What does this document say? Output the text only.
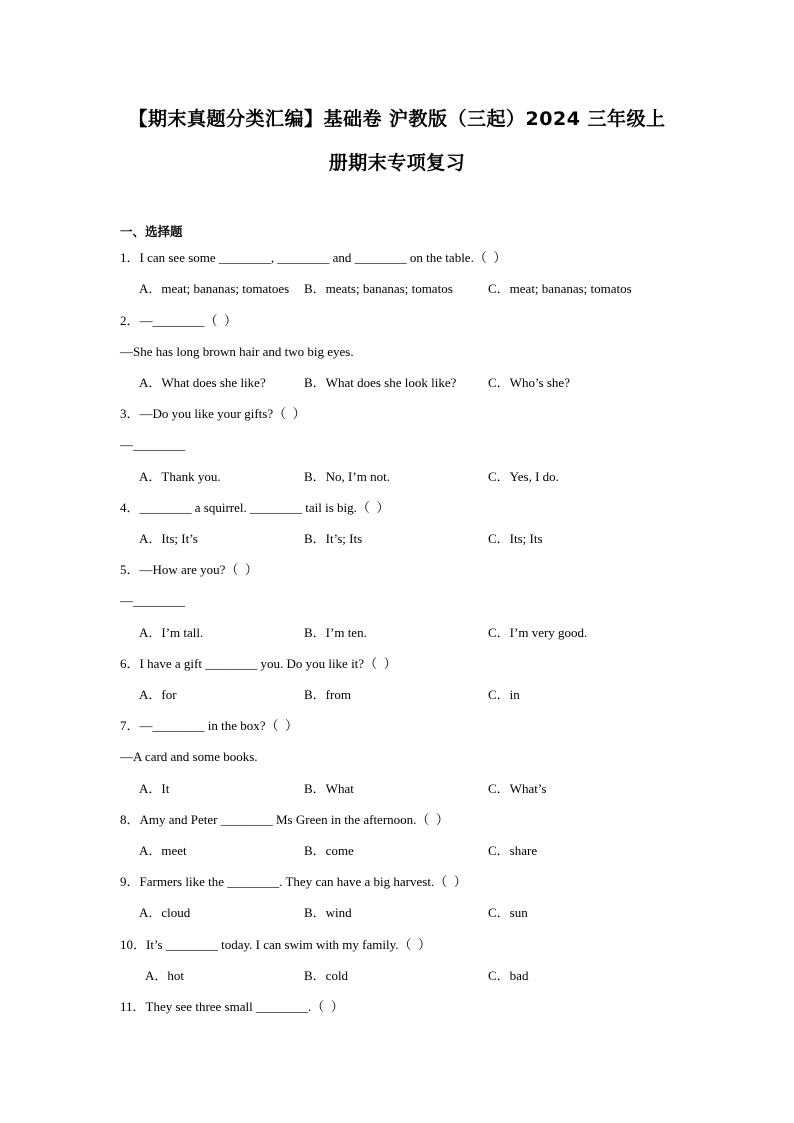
【期末真题分类汇编】基础卷 沪教版（三起）2024 三年级上
册期末专项复习
一、选择题
1．I can see some ________, ________ and ________ on the table.（  ）
A．meat; bananas; tomatoes B．meats; bananas; tomatos	C．meat; bananas; tomatos
2．—________（  ）
—She has long brown hair and two big eyes.
A．What does she like?	B．What does she look like? C．Who’s she?
3．—Do you like your gifts?（  ）
—________
A．Thank you.	B．No, I’m not.	C．Yes, I do.
4．________ a squirrel. ________ tail is big.（  ）
A．Its; It’s	B．It’s; Its	C．Its; Its
5．—How are you?（  ）
—________
A．I’m tall.	B．I’m ten.	C．I’m very good.
6．I have a gift ________ you. Do you like it?（  ）
A．for	B．from	C．in
7．—________ in the box?（  ）
—A card and some books.
A．It	B．What	C．What’s
8．Amy and Peter ________ Ms Green in the afternoon.（  ）
A．meet	B．come	C．share
9．Farmers like the ________. They can have a big harvest.（  ）
A．cloud	B．wind	C．sun
10．It’s ________ today. I can swim with my family.（  ）
A．hot	B．cold	C．bad
11．They see three small ________.（  ）
